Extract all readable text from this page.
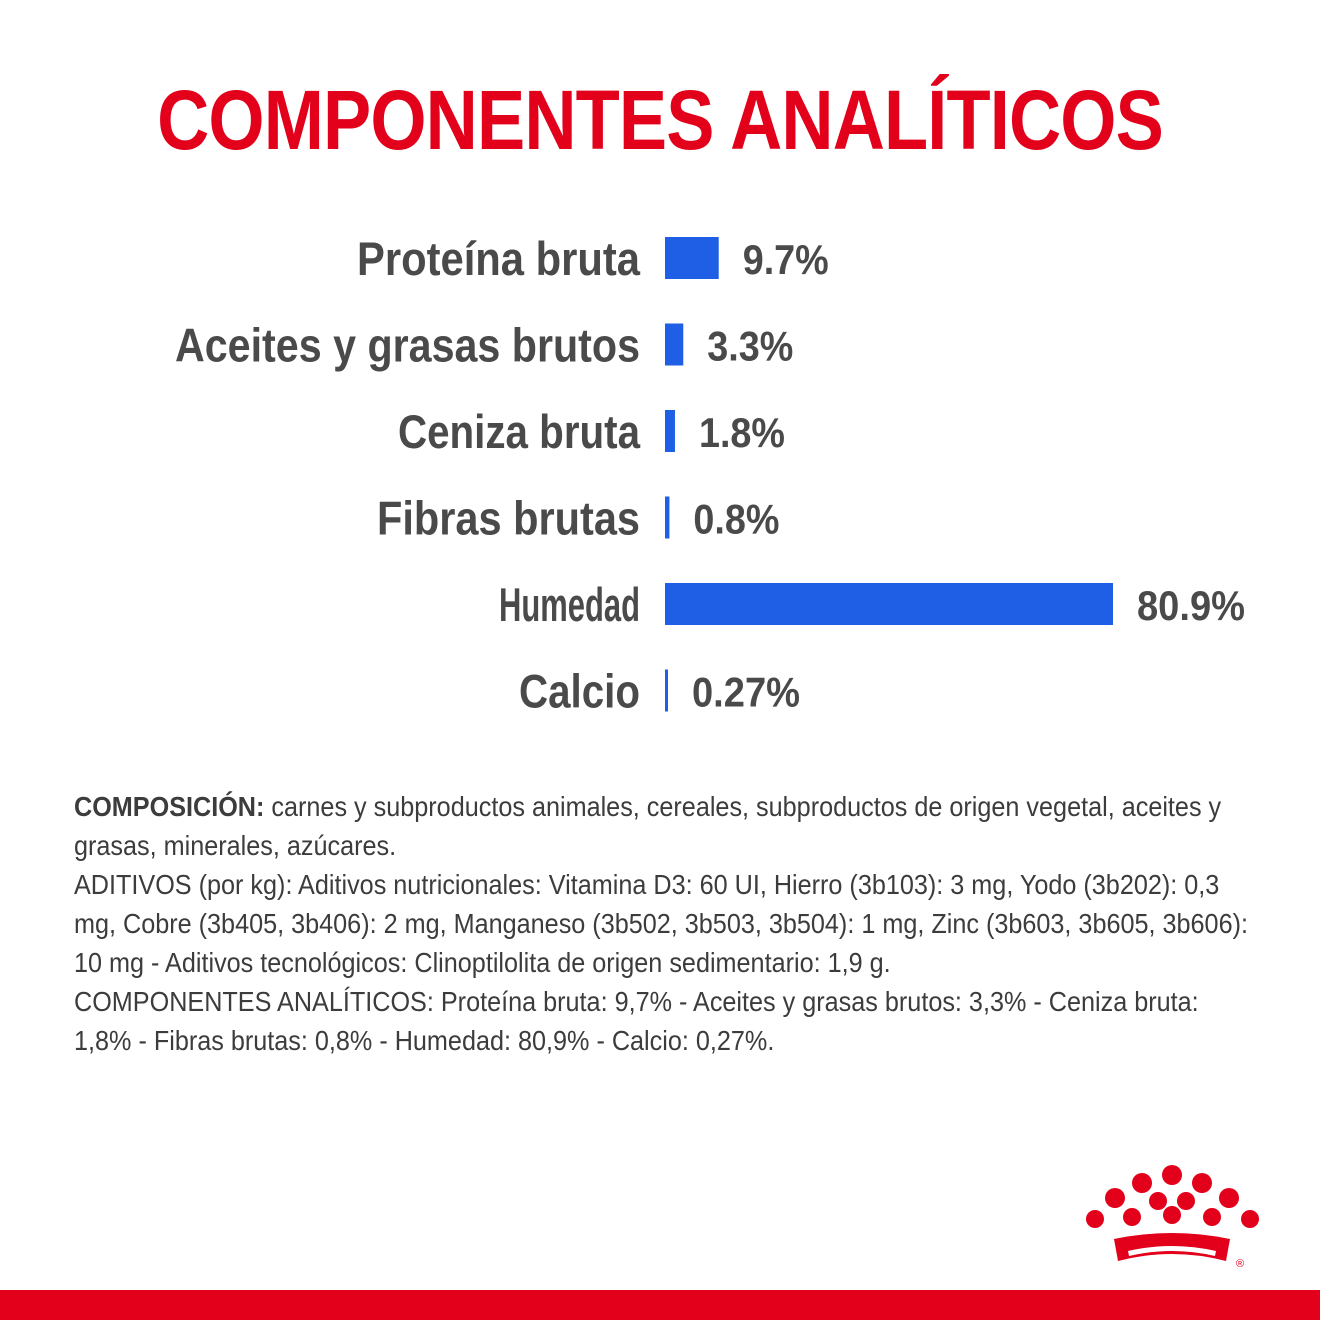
COMPONENTES ANALÍTICOS
Proteína bruta 9.7%
Aceites y grasas brutos 3.3%
Ceniza bruta 1.8%
Fibras brutas 0.8%
Humedad	80.9%
Calcio 0.27%

COMPOSICIÓN: carnes y subproductos animales, cereales, subproductos de origen vegetal, aceites y grasas, minerales, azúcares.

ADITIVOS (por kg): Aditivos nutricionales: Vitamina D3: 60 UI, Hierro (3b103): 3 mg, Yodo (3b202): 0,3 mg, Cobre (3b405, 3b406): 2 mg, Manganeso (3b502, 3b503, 3b504): 1 mg, Zinc (3b603, 3b605, 3b606): 10 mg - Aditivos tecnológicos: Clinoptilolita de origen sedimentario: 1,9 g.

COMPONENTES ANALÍTICOS: Proteína bruta: 9,7% - Aceites y grasas brutos: 3,3% - Ceniza bruta: 1,8% - Fibras brutas: 0,8% - Humedad: 80,9% - Calcio: 0,27%.

®
